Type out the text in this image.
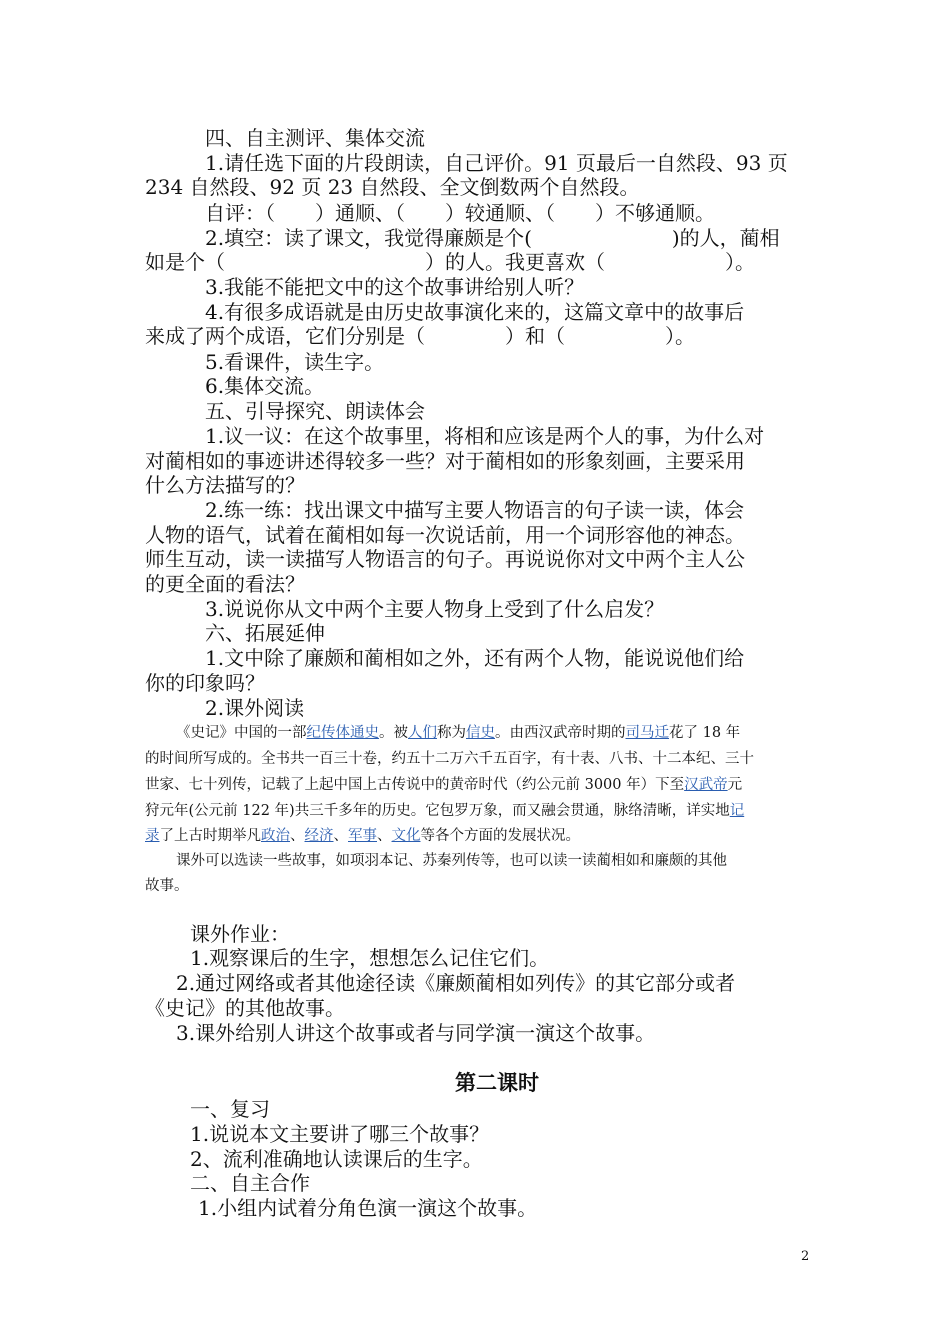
四、自主测评、集体交流
1.请任选下面的片段朗读，自己评价。91 页最后一自然段、93 页
234 自然段、92 页 23 自然段、全文倒数两个自然段。
自评：（　　）通顺、（　　）较通顺、（　　）不够通顺。
2.填空：读了课文，我觉得廉颇是个(　　　　　　　)的人，蔺相
如是个（　　　　　　　　　　）的人。我更喜欢（　　　　　　）。
3.我能不能把文中的这个故事讲给别人听？
4.有很多成语就是由历史故事演化来的，这篇文章中的故事后
来成了两个成语，它们分别是（　　　　）和（　　　　　）。
5.看课件，读生字。
6.集体交流。
五、引导探究、朗读体会
1.议一议：在这个故事里，将相和应该是两个人的事，为什么对
对蔺相如的事迹讲述得较多一些？对于蔺相如的形象刻画，主要采用
什么方法描写的？
2.练一练：找出课文中描写主要人物语言的句子读一读，体会
人物的语气，试着在蔺相如每一次说话前，用一个词形容他的神态。
师生互动，读一读描写人物语言的句子。再说说你对文中两个主人公
的更全面的看法？
3.说说你从文中两个主要人物身上受到了什么启发？
六、拓展延伸
1.文中除了廉颇和蔺相如之外，还有两个人物，能说说他们给
你的印象吗？
2.课外阅读
《史记》中国的一部纪传体通史。被人们称为信史。由西汉武帝时期的司马迁花了 18 年
的时间所写成的。全书共一百三十卷，约五十二万六千五百字，有十表、八书、十二本纪、三十
世家、七十列传，记载了上起中国上古传说中的黄帝时代（约公元前 3000 年）下至汉武帝元
狩元年(公元前 122 年)共三千多年的历史。它包罗万象，而又融会贯通，脉络清晰，详实地记
录了上古时期举凡政治、经济、军事、文化等各个方面的发展状况。
课外可以选读一些故事，如项羽本记、苏秦列传等，也可以读一读蔺相如和廉颇的其他
故事。
课外作业：
1.观察课后的生字，想想怎么记住它们。
2.通过网络或者其他途径读《廉颇蔺相如列传》的其它部分或者
《史记》的其他故事。
3.课外给别人讲这个故事或者与同学演一演这个故事。
第二课时
一、复习
1.说说本文主要讲了哪三个故事？
2、流利准确地认读课后的生字。
二、自主合作
1.小组内试着分角色演一演这个故事。
2
